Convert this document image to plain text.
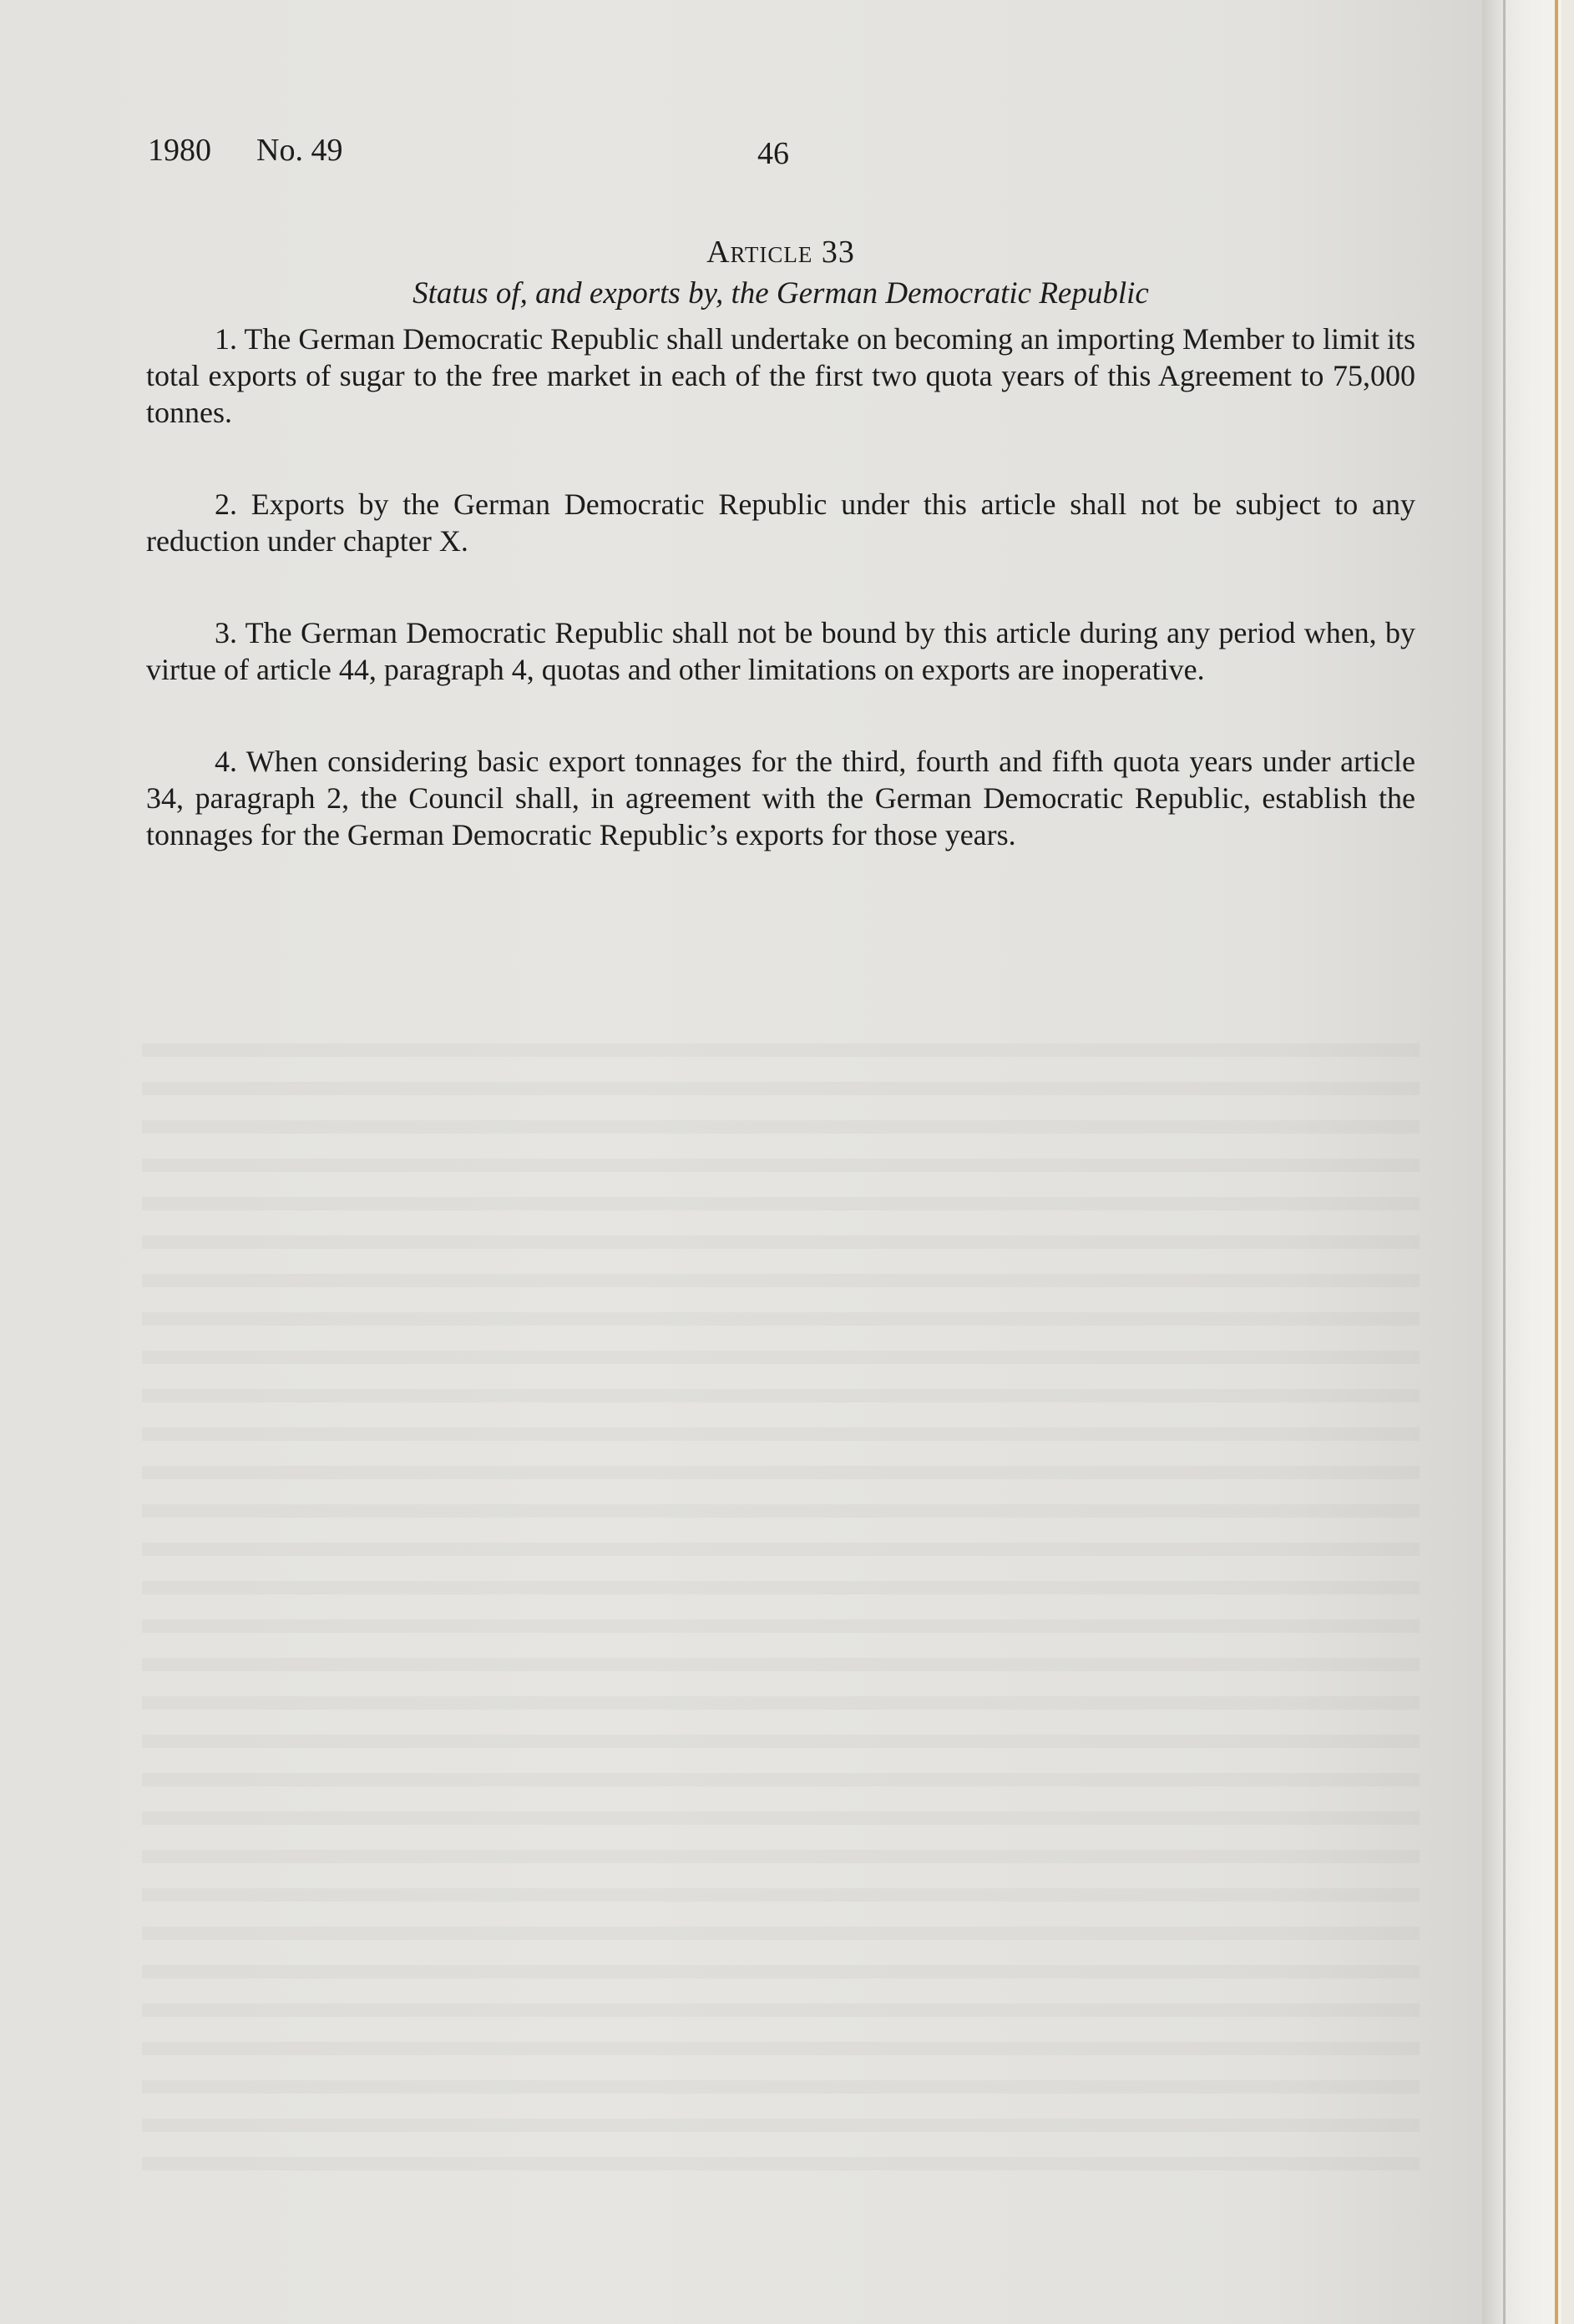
1980 No. 49	46
Article 33
Status of, and exports by, the German Democratic Republic

1. The German Democratic Republic shall undertake on becoming an importing Member to limit its total exports of sugar to the free market in each of the first two quota years of this Agreement to 75,000 tonnes.

2. Exports by the German Democratic Republic under this article shall not be subject to any reduction under chapter X.

3. The German Democratic Republic shall not be bound by this article during any period when, by virtue of article 44, paragraph 4, quotas and other limitations on exports are inoperative.

4. When considering basic export tonnages for the third, fourth and fifth quota years under article 34, paragraph 2, the Council shall, in agreement with the German Democratic Republic, establish the tonnages for the German Democratic Republic’s exports for those years.
